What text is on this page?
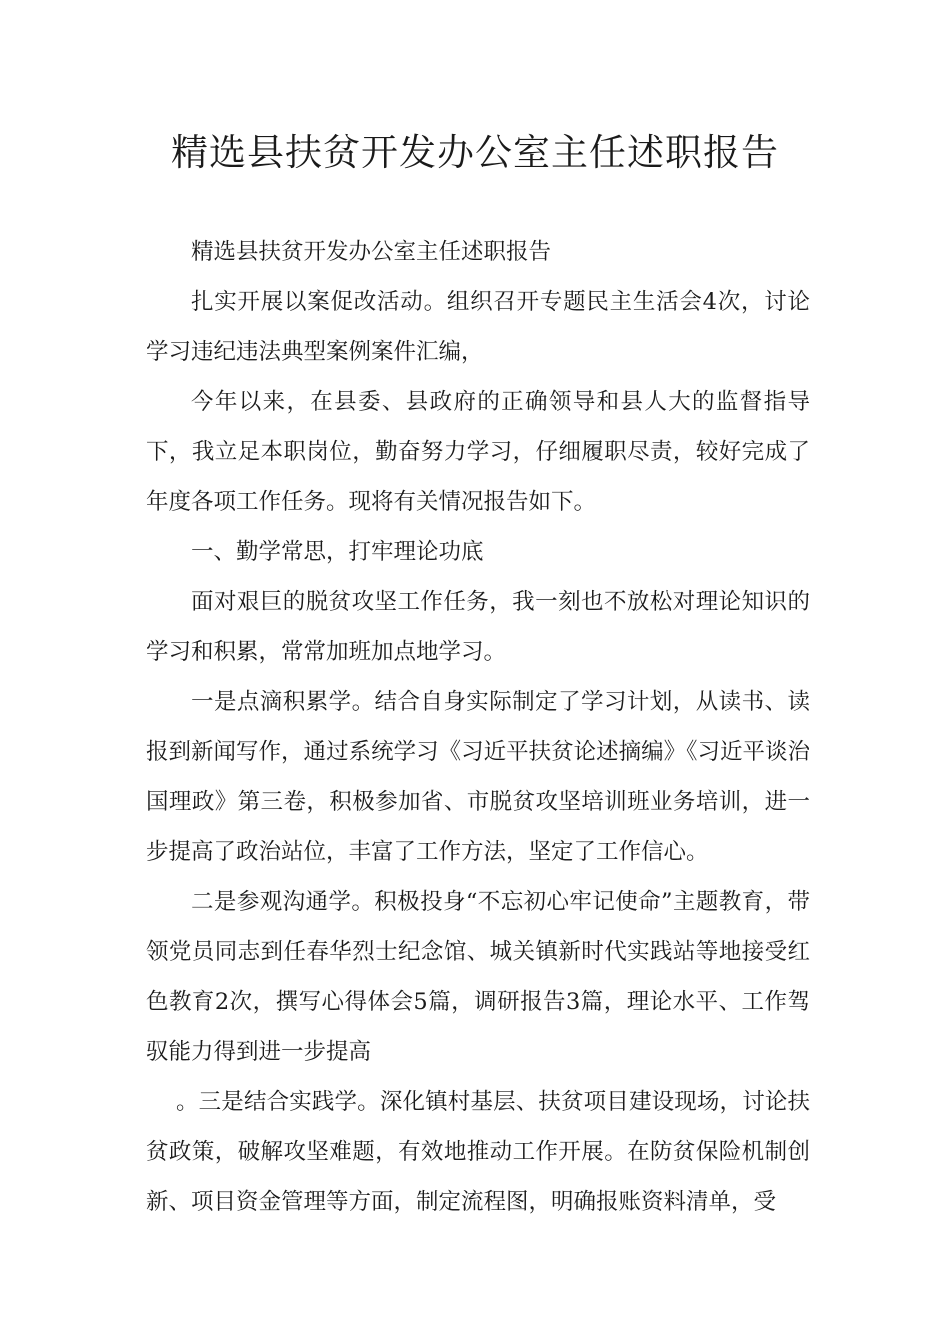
精选县扶贫开发办公室主任述职报告

精选县扶贫开发办公室主任述职报告

扎实开展以案促改活动。组织召开专题民主生活会4次，讨论学习违纪违法典型案例案件汇编，

今年以来，在县委、县政府的正确领导和县人大的监督指导下，我立足本职岗位，勤奋努力学习，仔细履职尽责，较好完成了年度各项工作任务。现将有关情况报告如下。

一、勤学常思，打牢理论功底

面对艰巨的脱贫攻坚工作任务，我一刻也不放松对理论知识的学习和积累，常常加班加点地学习。

一是点滴积累学。结合自身实际制定了学习计划，从读书、读报到新闻写作，通过系统学习《习近平扶贫论述摘编》《习近平谈治国理政》第三卷，积极参加省、市脱贫攻坚培训班业务培训，进一步提高了政治站位，丰富了工作方法，坚定了工作信心。

二是参观沟通学。积极投身“不忘初心牢记使命”主题教育，带领党员同志到任春华烈士纪念馆、城关镇新时代实践站等地接受红色教育2次，撰写心得体会5篇，调研报告3篇，理论水平、工作驾驭能力得到进一步提高

。三是结合实践学。深化镇村基层、扶贫项目建设现场，讨论扶贫政策，破解攻坚难题，有效地推动工作开展。在防贫保险机制创新、项目资金管理等方面，制定流程图，明确报账资料清单，受
